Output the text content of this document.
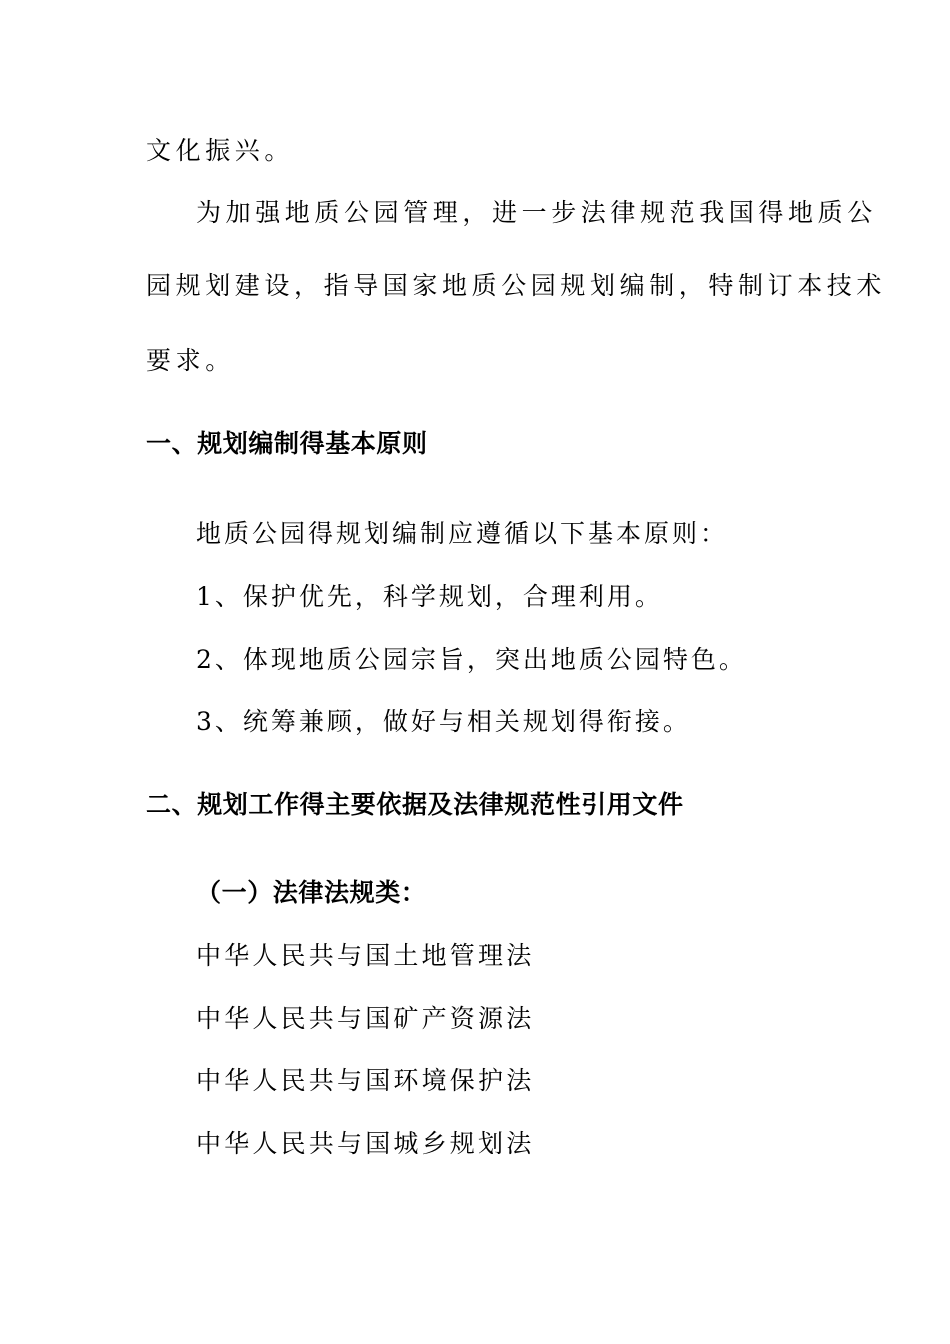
文化振兴。
为加强地质公园管理，进一步法律规范我国得地质公
园规划建设，指导国家地质公园规划编制，特制订本技术
要求。
一、规划编制得基本原则
地质公园得规划编制应遵循以下基本原则：
1、保护优先，科学规划，合理利用。
2、体现地质公园宗旨，突出地质公园特色。
3、统筹兼顾，做好与相关规划得衔接。
二、规划工作得主要依据及法律规范性引用文件
（一）法律法规类：
中华人民共与国土地管理法
中华人民共与国矿产资源法
中华人民共与国环境保护法
中华人民共与国城乡规划法
